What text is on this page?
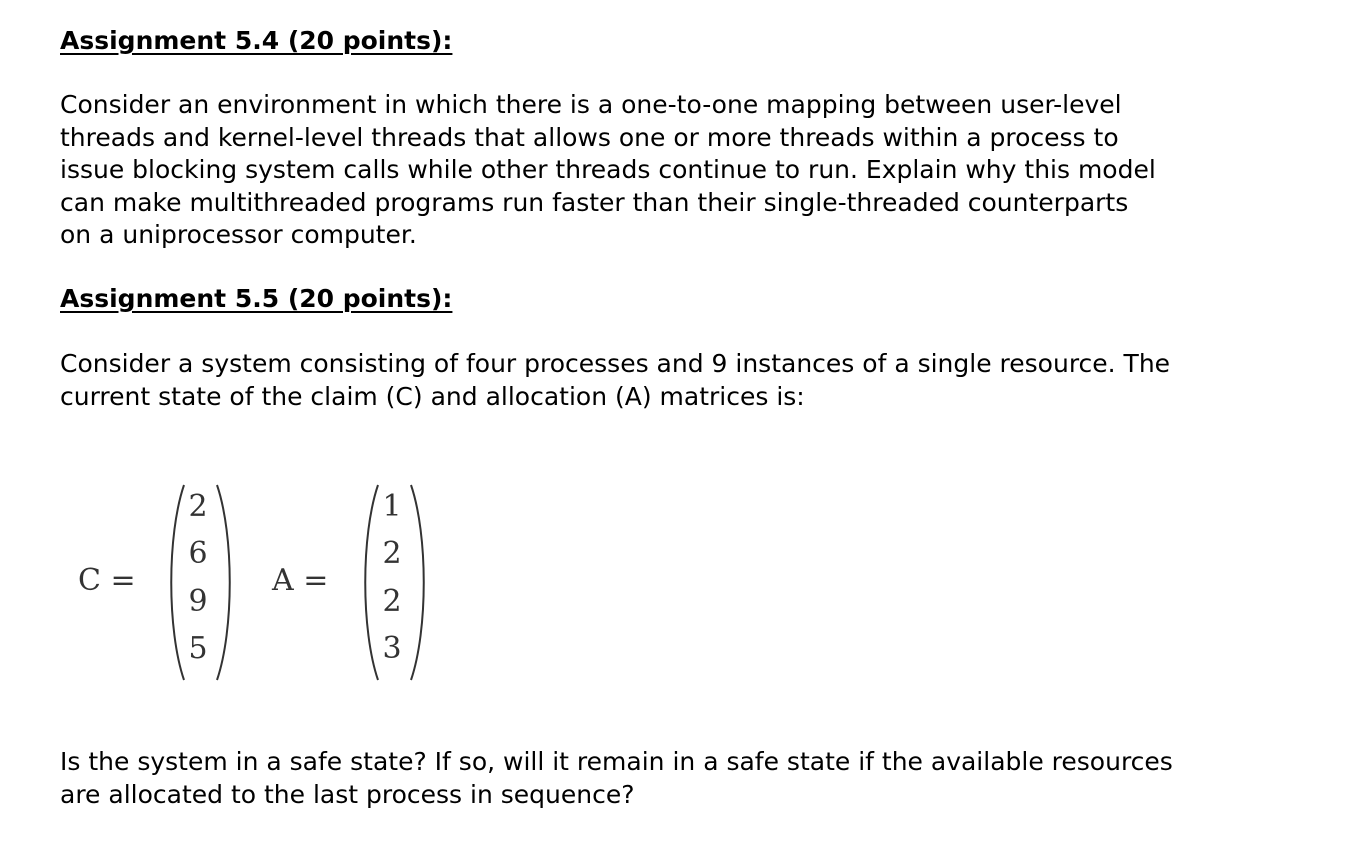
Assignment 5.4 (20 points):

Consider an environment in which there is a one-to-one mapping between user-level
threads and kernel-level threads that allows one or more threads within a process to
issue blocking system calls while other threads continue to run. Explain why this model
can make multithreaded programs run faster than their single-threaded counterparts
on a uniprocessor computer.

Assignment 5.5 (20 points):

Consider a system consisting of four processes and 9 instances of a single resource. The
current state of the claim (C) and allocation (A) matrices is:

C =
2
6
9
5
A =
1
2
2
3

Is the system in a safe state? If so, will it remain in a safe state if the available resources
are allocated to the last process in sequence?
